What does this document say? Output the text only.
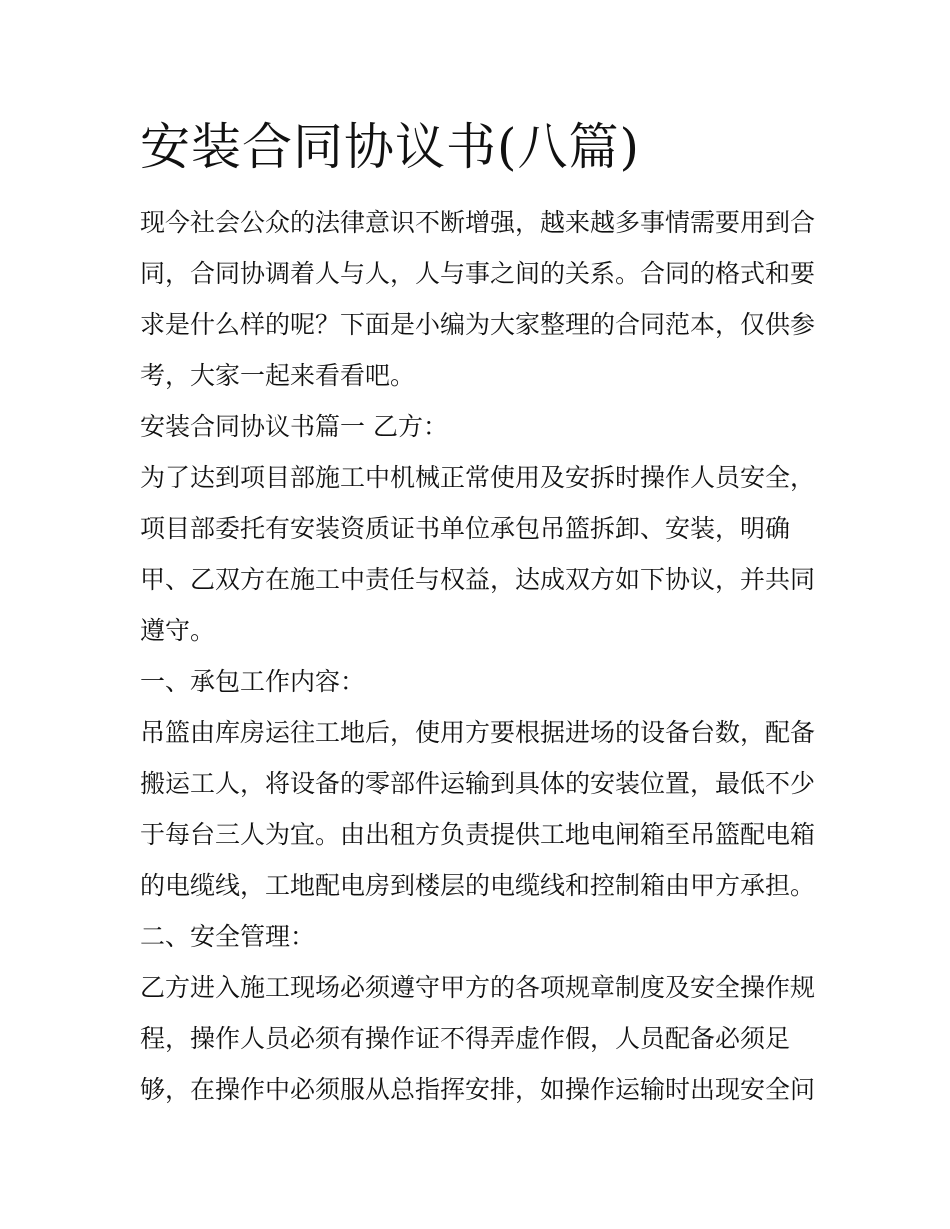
安装合同协议书(八篇)
现今社会公众的法律意识不断增强，越来越多事情需要用到合
同，合同协调着人与人，人与事之间的关系。合同的格式和要
求是什么样的呢？下面是小编为大家整理的合同范本，仅供参
考，大家一起来看看吧。
安装合同协议书篇一 乙方：
为了达到项目部施工中机械正常使用及安拆时操作人员安全，
项目部委托有安装资质证书单位承包吊篮拆卸、安装，明确
甲、乙双方在施工中责任与权益，达成双方如下协议，并共同
遵守。
一、承包工作内容：
吊篮由库房运往工地后，使用方要根据进场的设备台数，配备
搬运工人，将设备的零部件运输到具体的安装位置，最低不少
于每台三人为宜。由出租方负责提供工地电闸箱至吊篮配电箱
的电缆线，工地配电房到楼层的电缆线和控制箱由甲方承担。
二、安全管理：
乙方进入施工现场必须遵守甲方的各项规章制度及安全操作规
程，操作人员必须有操作证不得弄虚作假，人员配备必须足
够，在操作中必须服从总指挥安排，如操作运输时出现安全问
